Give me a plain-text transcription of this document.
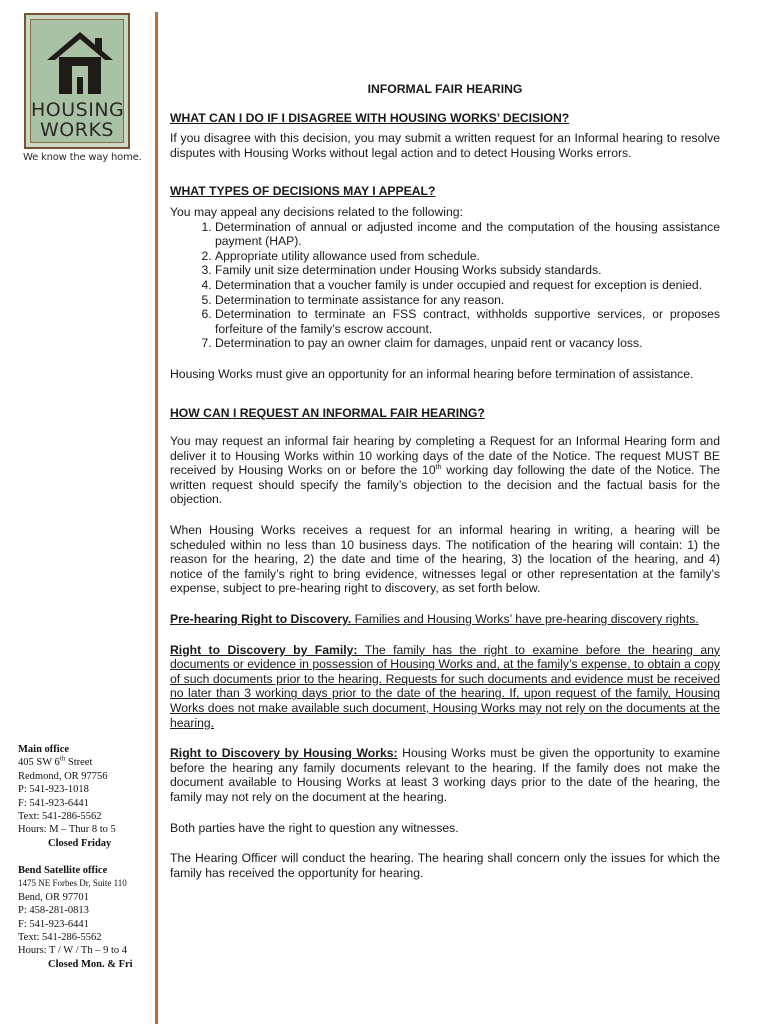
HOUSING
WORKS
We know the way home.
Main office
405 SW 6th Street
Redmond, OR 97756
P: 541-923-1018
F: 541-923-6441
Text: 541-286-5562
Hours: M – Thur 8 to 5
Closed Friday
Bend Satellite office
1475 NE Forbes Dr, Suite 110
Bend, OR 97701
P: 458-281-0813
F: 541-923-6441
Text: 541-286-5562
Hours: T / W / Th – 9 to 4
Closed Mon. & Fri
INFORMAL FAIR HEARING
WHAT CAN I DO IF I DISAGREE WITH HOUSING WORKS’ DECISION?

If you disagree with this decision, you may submit a written request for an Informal hearing to resolve disputes with Housing Works without legal action and to detect Housing Works errors.

WHAT TYPES OF DECISIONS MAY I APPEAL?

You may appeal any decisions related to the following:

1. Determination of annual or adjusted income and the computation of the housing assistance payment (HAP).
2. Appropriate utility allowance used from schedule.
3. Family unit size determination under Housing Works subsidy standards.
4. Determination that a voucher family is under occupied and request for exception is denied.
5. Determination to terminate assistance for any reason.
6. Determination to terminate an FSS contract, withholds supportive services, or proposes forfeiture of the family’s escrow account.
7. Determination to pay an owner claim for damages, unpaid rent or vacancy loss.

Housing Works must give an opportunity for an informal hearing before termination of assistance.

HOW CAN I REQUEST AN INFORMAL FAIR HEARING?

You may request an informal fair hearing by completing a Request for an Informal Hearing form and deliver it to Housing Works within 10 working days of the date of the Notice. The request MUST BE received by Housing Works on or before the 10th working day following the date of the Notice. The written request should specify the family’s objection to the decision and the factual basis for the objection.

When Housing Works receives a request for an informal hearing in writing, a hearing will be scheduled within no less than 10 business days. The notification of the hearing will contain: 1) the reason for the hearing, 2) the date and time of the hearing, 3) the location of the hearing, and 4) notice of the family’s right to bring evidence, witnesses legal or other representation at the family’s expense, subject to pre-hearing right to discovery, as set forth below.

Pre-hearing Right to Discovery. Families and Housing Works’ have pre-hearing discovery rights.

Right to Discovery by Family: The family has the right to examine before the hearing any documents or evidence in possession of Housing Works and, at the family’s expense, to obtain a copy of such documents prior to the hearing. Requests for such documents and evidence must be received no later than 3 working days prior to the date of the hearing. If, upon request of the family, Housing Works does not make available such document, Housing Works may not rely on the documents at the hearing.

Right to Discovery by Housing Works: Housing Works must be given the opportunity to examine before the hearing any family documents relevant to the hearing. If the family does not make the document available to Housing Works at least 3 working days prior to the date of the hearing, the family may not rely on the document at the hearing.

Both parties have the right to question any witnesses.

The Hearing Officer will conduct the hearing. The hearing shall concern only the issues for which the family has received the opportunity for hearing.
